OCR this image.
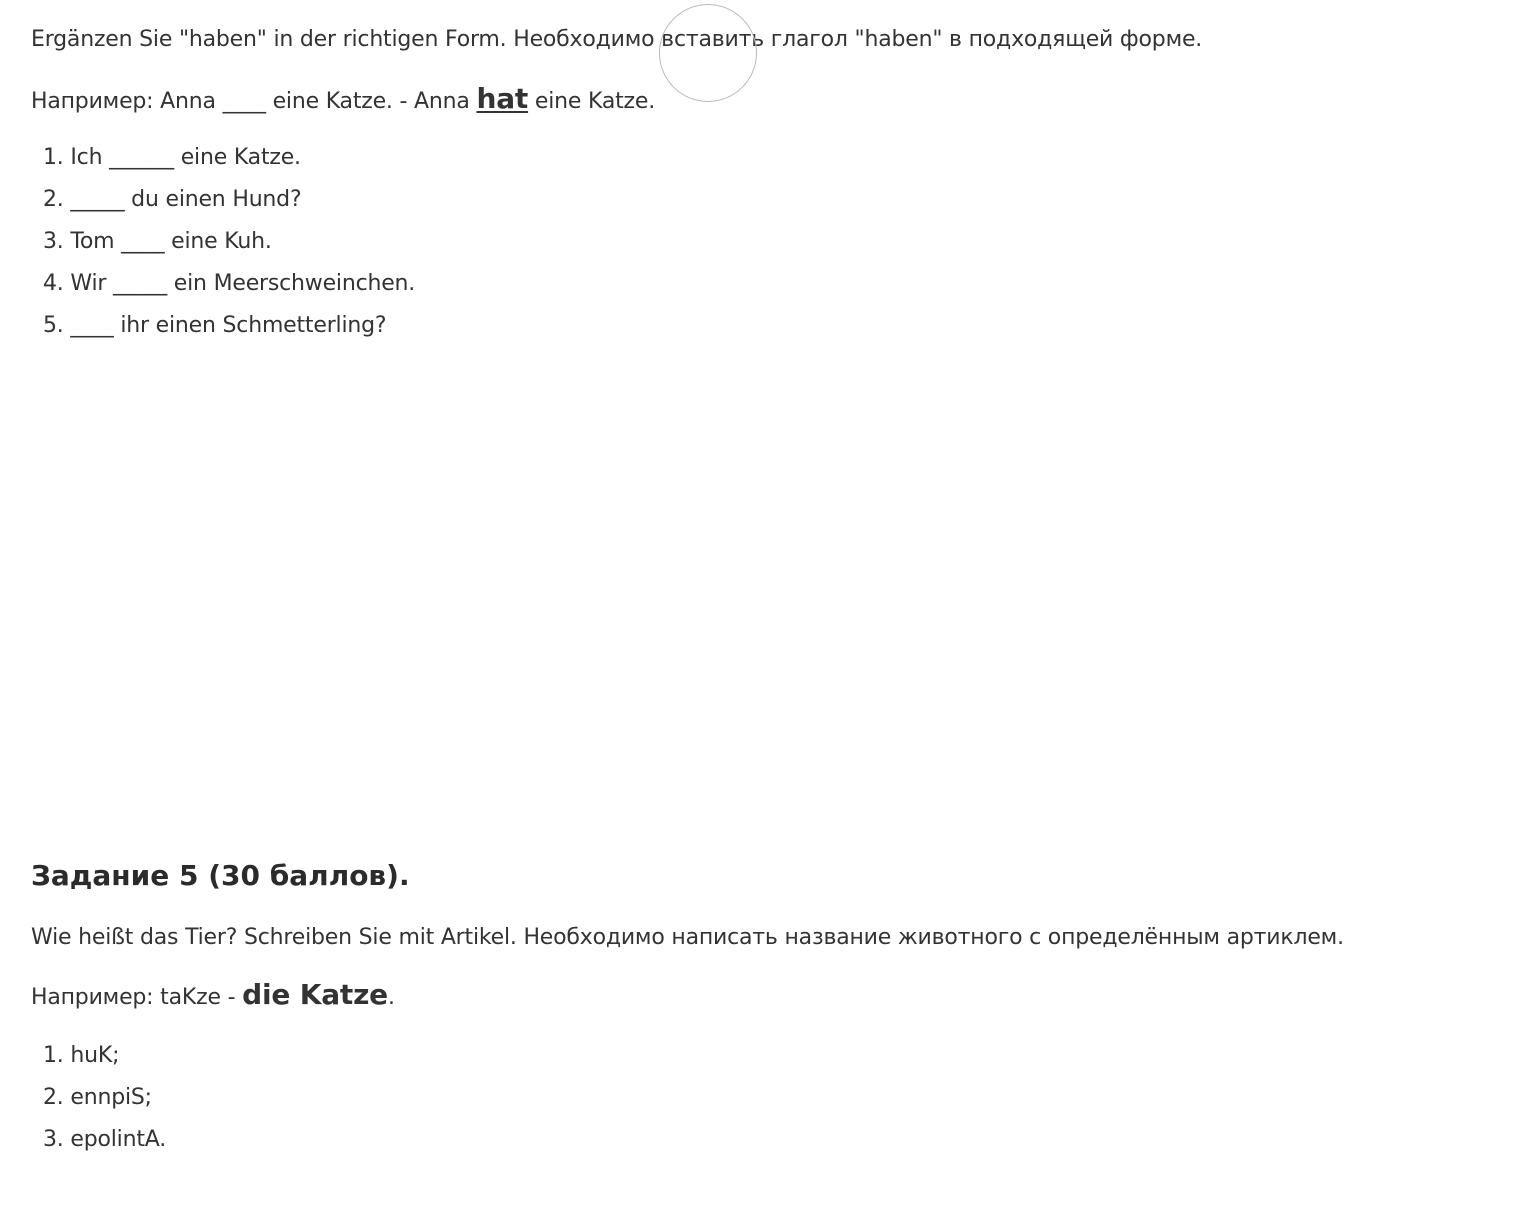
Ergänzen Sie "haben" in der richtigen Form. Необходимо вставить глагол "haben" в подходящей форме.
Например: Anna ____ eine Katze. - Anna hat eine Katze.
1. Ich ______ eine Katze.
2. _____ du einen Hund?
3. Tom ____ eine Kuh.
4. Wir _____ ein Meerschweinchen.
5. ____ ihr einen Schmetterling?
Задание 5 (30 баллов).
Wie heißt das Tier? Schreiben Sie mit Artikel. Необходимо написать название животного с определённым артиклем.
Например: taKze - die Katze.
1. huK;
2. ennpiS;
3. epolintA.
